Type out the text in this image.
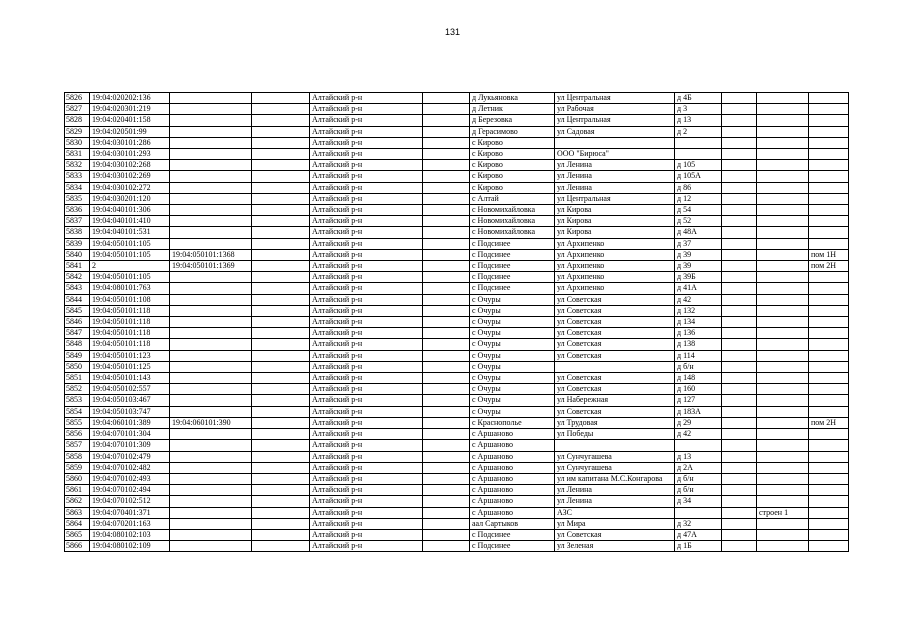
131
5826	19:04:020202:136			Алтайский р-н		д Лукьяновка	ул Центральная	д 4Б			
5827	19:04:020301:219			Алтайский р-н		д Летник	ул Рабочая	д 3			
5828	19:04:020401:158			Алтайский р-н		д Березовка	ул Центральная	д 13			
5829	19:04:020501:99			Алтайский р-н		д Герасимово	ул Садовая	д 2			
5830	19:04:030101:286			Алтайский р-н		с Кирово					
5831	19:04:030101:293			Алтайский р-н		с Кирово	ООО "Бирюса"				
5832	19:04:030102:268			Алтайский р-н		с Кирово	ул Ленина	д 105			
5833	19:04:030102:269			Алтайский р-н		с Кирово	ул Ленина	д 105А			
5834	19:04:030102:272			Алтайский р-н		с Кирово	ул Ленина	д 86			
5835	19:04:030201:120			Алтайский р-н		с Алтай	ул Центральная	д 12			
5836	19:04:040101:306			Алтайский р-н		с Новомихайловка	ул Кирова	д 54			
5837	19:04:040101:410			Алтайский р-н		с Новомихайловка	ул Кирова	д 52			
5838	19:04:040101:531			Алтайский р-н		с Новомихайловка	ул Кирова	д 48А			
5839	19:04:050101:105			Алтайский р-н		с Подсинее	ул Архипенко	д 37			
5840	19:04:050101:105	19:04:050101:1368		Алтайский р-н		с Подсинее	ул Архипенко	д 39			пом 1Н
5841	2	19:04:050101:1369		Алтайский р-н		с Подсинее	ул Архипенко	д 39			пом 2Н
5842	19:04:050101:105			Алтайский р-н		с Подсинее	ул Архипенко	д 39Б			
5843	19:04:080101:763			Алтайский р-н		с Подсинее	ул Архипенко	д 41А			
5844	19:04:050101:108			Алтайский р-н		с Очуры	ул Советская	д 42			
5845	19:04:050101:118			Алтайский р-н		с Очуры	ул Советская	д 132			
5846	19:04:050101:118			Алтайский р-н		с Очуры	ул Советская	д 134			
5847	19:04:050101:118			Алтайский р-н		с Очуры	ул Советская	д 136			
5848	19:04:050101:118			Алтайский р-н		с Очуры	ул Советская	д 138			
5849	19:04:050101:123			Алтайский р-н		с Очуры	ул Советская	д 114			
5850	19:04:050101:125			Алтайский р-н		с Очуры		д б/н			
5851	19:04:050101:143			Алтайский р-н		с Очуры	ул Советская	д 148			
5852	19:04:050102:557			Алтайский р-н		с Очуры	ул Советская	д 160			
5853	19:04:050103:467			Алтайский р-н		с Очуры	ул Набережная	д 127			
5854	19:04:050103:747			Алтайский р-н		с Очуры	ул Советская	д 183А			
5855	19:04:060101:389	19:04:060101:390		Алтайский р-н		с Краснополье	ул Трудовая	д 29			пом 2Н
5856	19:04:070101:304			Алтайский р-н		с Аршаново	ул Победы	д 42			
5857	19:04:070101:309			Алтайский р-н		с Аршаново					
5858	19:04:070102:479			Алтайский р-н		с Аршаново	ул Сунчугашева	д 13			
5859	19:04:070102:482			Алтайский р-н		с Аршаново	ул Сунчугашева	д 2А			
5860	19:04:070102:493			Алтайский р-н		с Аршаново	ул им капитана М.С.Конгарова	д б/н			
5861	19:04:070102:494			Алтайский р-н		с Аршаново	ул Ленина	д б/н			
5862	19:04:070102:512			Алтайский р-н		с Аршаново	ул Ленина	д 34			
5863	19:04:070401:371			Алтайский р-н		с Аршаново	АЗС			строен 1	
5864	19:04:070201:163			Алтайский р-н		аал Сартыков	ул Мира	д 32			
5865	19:04:080102:103			Алтайский р-н		с Подсинее	ул Советская	д 47А			
5866	19:04:080102:109			Алтайский р-н		с Подсинее	ул Зеленая	д 1Б			
